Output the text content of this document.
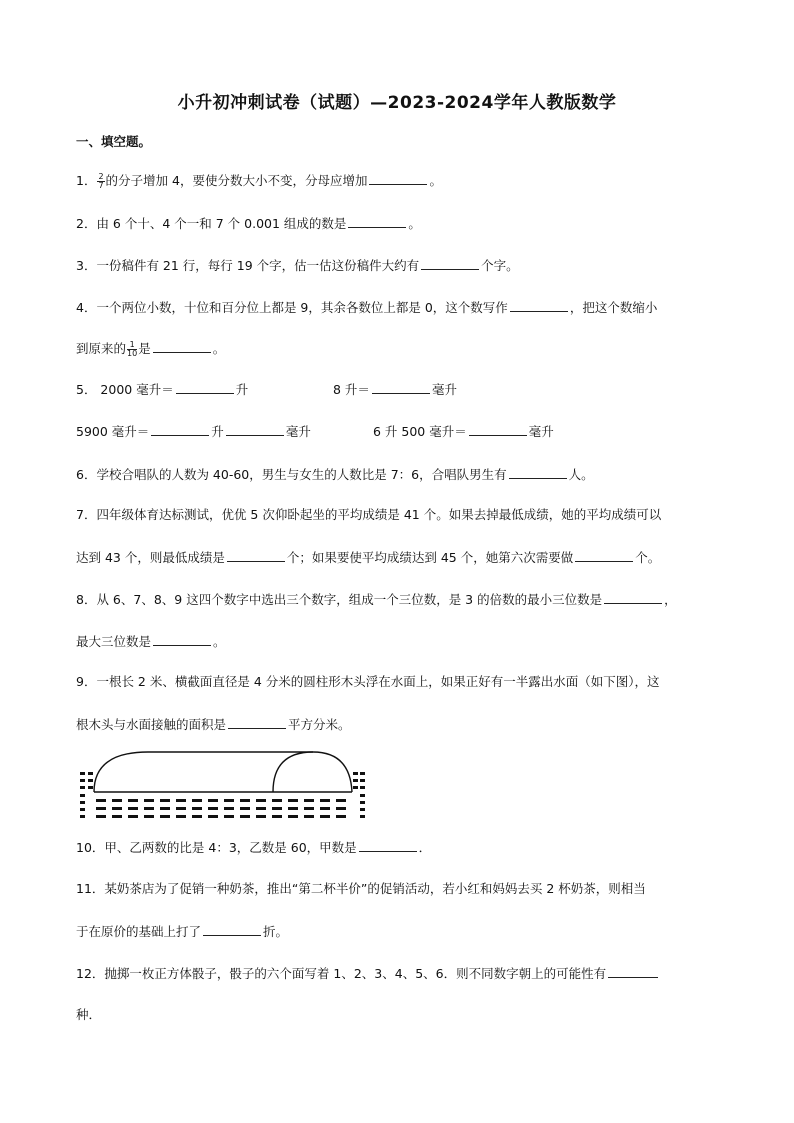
小升初冲刺试卷（试题）—2023-2024学年人教版数学
一、填空题。
1． $\frac{2}{7}$ 的分子增加 4，要使分数大小不变，分母应增加	。
2．由 6 个十、4 个一和 7 个 0.001 组成的数是	。
3．一份稿件有 21 行，每行 19 个字，估一估这份稿件大约有	个字。
4．一个两位小数，十位和百分位上都是 9，其余各数位上都是 0，这个数写作	，把这个数缩小
到原来的 $\frac{1}{10}$ 是	。
5． 2000 毫升＝	升	8 升＝	毫升
5900 毫升＝	升	毫升	6 升 500 毫升＝	毫升
6．学校合唱队的人数为 40-60，男生与女生的人数比是 7：6，合唱队男生有	人。
7．四年级体育达标测试，优优 5 次仰卧起坐的平均成绩是 41 个。如果去掉最低成绩，她的平均成绩可以
达到 43 个，则最低成绩是	个；如果要使平均成绩达到 45 个，她第六次需要做	个。
8．从 6、7、8、9 这四个数字中选出三个数字，组成一个三位数，是 3 的倍数的最小三位数是	，
最大三位数是	。
9．一根长 2 米、横截面直径是 4 分米的圆柱形木头浮在水面上，如果正好有一半露出水面（如下图），这
根木头与水面接触的面积是	平方分米。
10．甲、乙两数的比是 4：3，乙数是 60，甲数是	．
11．某奶茶店为了促销一种奶茶，推出“第二杯半价”的促销活动，若小红和妈妈去买 2 杯奶茶，则相当
于在原价的基础上打了	折。
12．抛掷一枚正方体骰子，骰子的六个面写着 1、2、3、4、5、6．则不同数字朝上的可能性有
种．
